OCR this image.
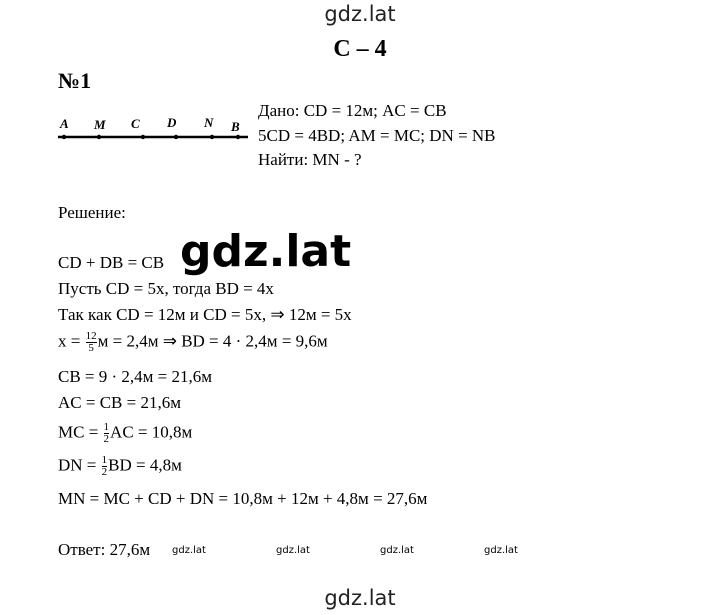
gdz.lat
С – 4
№1
A M C D N B
Дано: CD = 12м; AC = CB
5CD = 4BD; AM = MC; DN = NB
Найти: MN - ?
Решение:
CD + DB = CB gdz.lat
Пусть CD = 5x, тогда BD = 4x
Так как CD = 12м и CD = 5x, ⇒ 12м = 5x
$x = \frac{12}{5}$ м = 2,4м ⇒ BD = 4 · 2,4м = 9,6м
CB = 9 · 2,4м = 21,6м
AC = CB = 21,6м
MC = $\frac{1}{2}$ AC = 10,8м
DN = $\frac{1}{2}$ BD = 4,8м
MN = MC + CD + DN = 10,8м + 12м + 4,8м = 27,6м
Ответ: 27,6м gdz.lat	gdz.lat	gdz.lat	gdz.lat
gdz.lat
